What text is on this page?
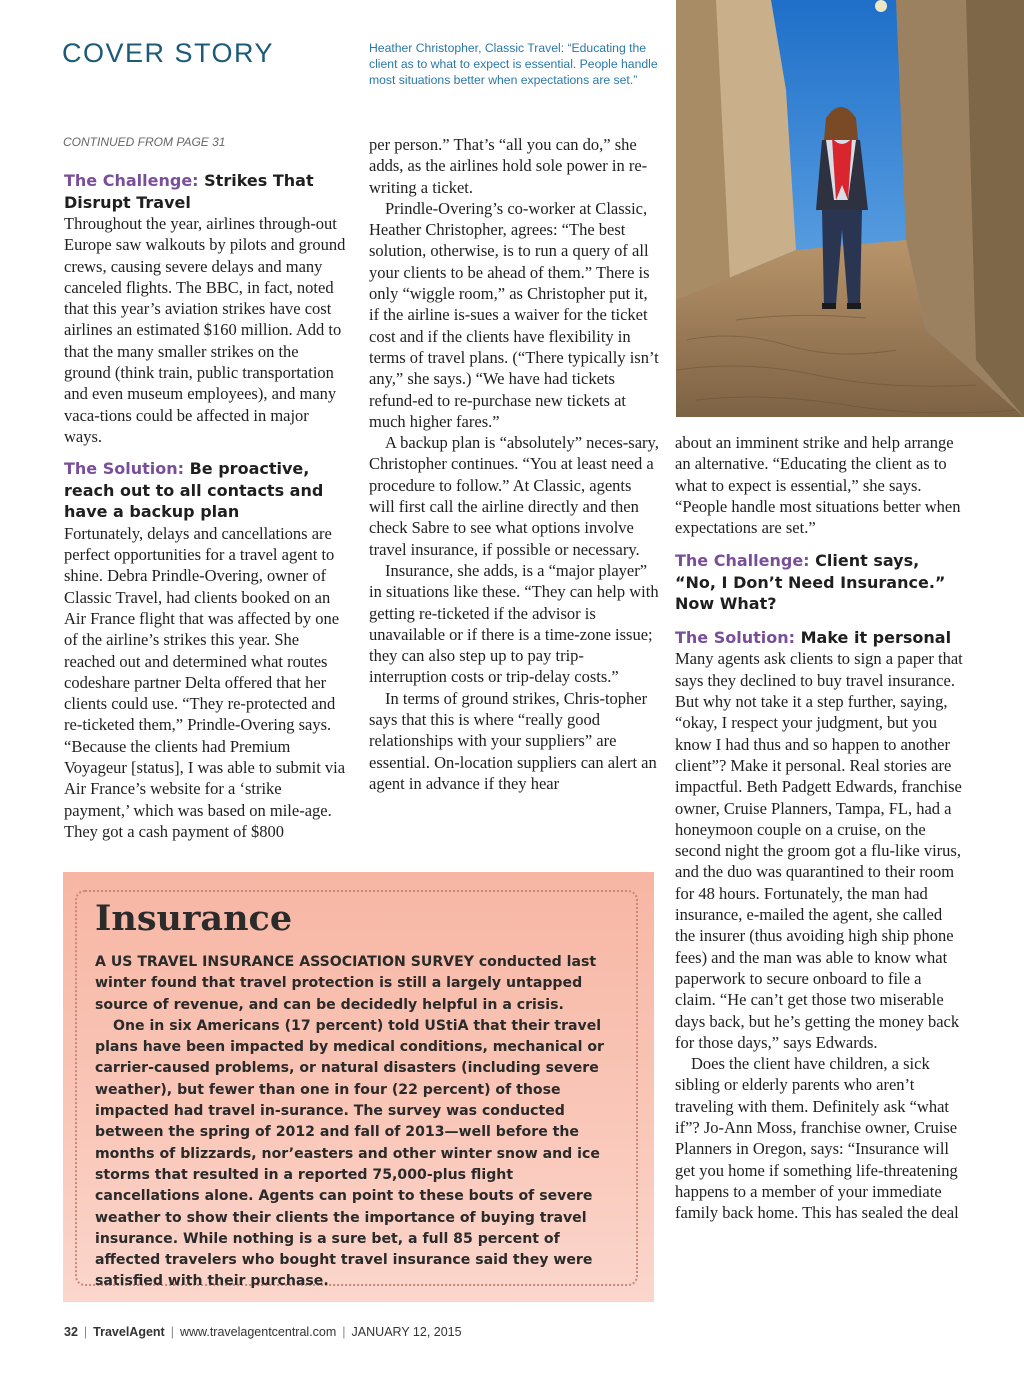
COVER STORY	Heather Christopher, Classic Travel: “Educating the client as to what to expect is essential. People handle most situations better when expectations are set.”

CONTINUED FROM PAGE 31

The Challenge: Strikes That Disrupt Travel

Throughout the year, airlines through-out Europe saw walkouts by pilots and ground crews, causing severe delays and many canceled flights. The BBC, in fact, noted that this year’s aviation strikes have cost airlines an estimated $160 million. Add to that the many smaller strikes on the ground (think train, public transportation and even museum employees), and many vaca-tions could be affected in major ways.

The Solution: Be proactive, reach out to all contacts and have a backup plan

Fortunately, delays and cancellations are perfect opportunities for a travel agent to shine. Debra Prindle-Overing, owner of Classic Travel, had clients booked on an Air France flight that was affected by one of the airline’s strikes this year. She reached out and determined what routes codeshare partner Delta offered that her clients could use. “They re-protected and re-ticketed them,” Prindle-Overing says. “Because the clients had Premium Voyageur [status], I was able to submit via Air France’s website for a ‘strike payment,’ which was based on mile-age. They got a cash payment of $800

per person.” That’s “all you can do,” she adds, as the airlines hold sole power in re-writing a ticket.

Prindle-Overing’s co-worker at Classic, Heather Christopher, agrees: “The best solution, otherwise, is to run a query of all your clients to be ahead of them.” There is only “wiggle room,” as Christopher put it, if the airline is-sues a waiver for the ticket cost and if the clients have flexibility in terms of travel plans. (“There typically isn’t any,” she says.) “We have had tickets refund-ed to re-purchase new tickets at much higher fares.”

A backup plan is “absolutely” neces-sary, Christopher continues. “You at least need a procedure to follow.” At Classic, agents will first call the airline directly and then check Sabre to see what options involve travel insurance, if possible or necessary.

Insurance, she adds, is a “major player” in situations like these. “They can help with getting re-ticketed if the advisor is unavailable or if there is a time-zone issue; they can also step up to pay trip-interruption costs or trip-delay costs.”

In terms of ground strikes, Chris-topher says that this is where “really good relationships with your suppliers” are essential. On-location suppliers can alert an agent in advance if they hear

about an imminent strike and help arrange an alternative. “Educating the client as to what to expect is essential,” she says. “People handle most situations better when expectations are set.”

The Challenge: Client says, “No, I Don’t Need Insurance.” Now What?
The Solution: Make it personal

Many agents ask clients to sign a paper that says they declined to buy travel insurance. But why not take it a step further, saying, “okay, I respect your judgment, but you know I had thus and so happen to another client”? Make it personal. Real stories are impactful. Beth Padgett Edwards, franchise owner, Cruise Planners, Tampa, FL, had a honeymoon couple on a cruise, on the second night the groom got a flu-like virus, and the duo was quarantined to their room for 48 hours. Fortunately, the man had insurance, e-mailed the agent, she called the insurer (thus avoiding high ship phone fees) and the man was able to know what paperwork to secure onboard to file a claim. “He can’t get those two miserable days back, but he’s getting the money back for those days,” says Edwards.

Does the client have children, a sick sibling or elderly parents who aren’t traveling with them. Definitely ask “what if”? Jo-Ann Moss, franchise owner, Cruise Planners in Oregon, says: “Insurance will get you home if something life-threatening happens to a member of your immediate family back home. This has sealed the deal

Insurance

A US TRAVEL INSURANCE ASSOCIATION SURVEY conducted last winter found that travel protection is still a largely untapped source of revenue, and can be decidedly helpful in a crisis.

One in six Americans (17 percent) told UStiA that their travel plans have been impacted by medical conditions, mechanical or carrier-caused problems, or natural disasters (including severe weather), but fewer than one in four (22 percent) of those impacted had travel in-surance. The survey was conducted between the spring of 2012 and fall of 2013—well before the months of blizzards, nor’easters and other winter snow and ice storms that resulted in a reported 75,000-plus flight cancellations alone. Agents can point to these bouts of severe weather to show their clients the importance of buying travel insurance. While nothing is a sure bet, a full 85 percent of affected travelers who bought travel insurance said they were satisfied with their purchase.

32 | TravelAgent | www.travelagentcentral.com | JANUARY 12, 2015
